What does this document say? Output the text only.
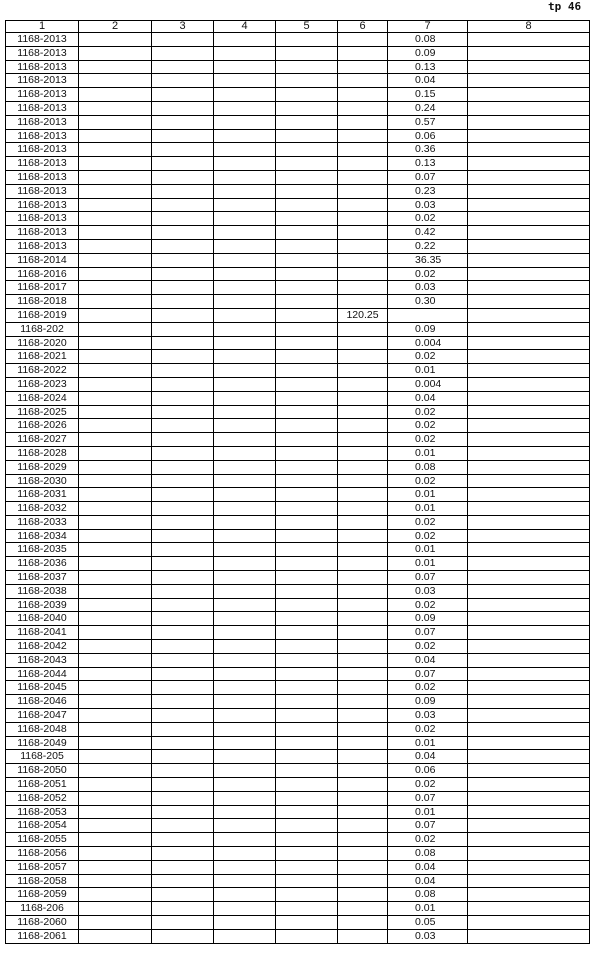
tp 46
1	2	3	4	5	6	7	8
1168-2013						0.08	
1168-2013						0.09	
1168-2013						0.13	
1168-2013						0.04	
1168-2013						0.15	
1168-2013						0.24	
1168-2013						0.57	
1168-2013						0.06	
1168-2013						0.36	
1168-2013						0.13	
1168-2013						0.07	
1168-2013						0.23	
1168-2013						0.03	
1168-2013						0.02	
1168-2013						0.42	
1168-2013						0.22	
1168-2014						36.35	
1168-2016						0.02	
1168-2017						0.03	
1168-2018						0.30	
1168-2019					120.25		
1168-202						0.09	
1168-2020						0.004	
1168-2021						0.02	
1168-2022						0.01	
1168-2023						0.004	
1168-2024						0.04	
1168-2025						0.02	
1168-2026						0.02	
1168-2027						0.02	
1168-2028						0.01	
1168-2029						0.08	
1168-2030						0.02	
1168-2031						0.01	
1168-2032						0.01	
1168-2033						0.02	
1168-2034						0.02	
1168-2035						0.01	
1168-2036						0.01	
1168-2037						0.07	
1168-2038						0.03	
1168-2039						0.02	
1168-2040						0.09	
1168-2041						0.07	
1168-2042						0.02	
1168-2043						0.04	
1168-2044						0.07	
1168-2045						0.02	
1168-2046						0.09	
1168-2047						0.03	
1168-2048						0.02	
1168-2049						0.01	
1168-205						0.04	
1168-2050						0.06	
1168-2051						0.02	
1168-2052						0.07	
1168-2053						0.01	
1168-2054						0.07	
1168-2055						0.02	
1168-2056						0.08	
1168-2057						0.04	
1168-2058						0.04	
1168-2059						0.08	
1168-206						0.01	
1168-2060						0.05	
1168-2061						0.03	
